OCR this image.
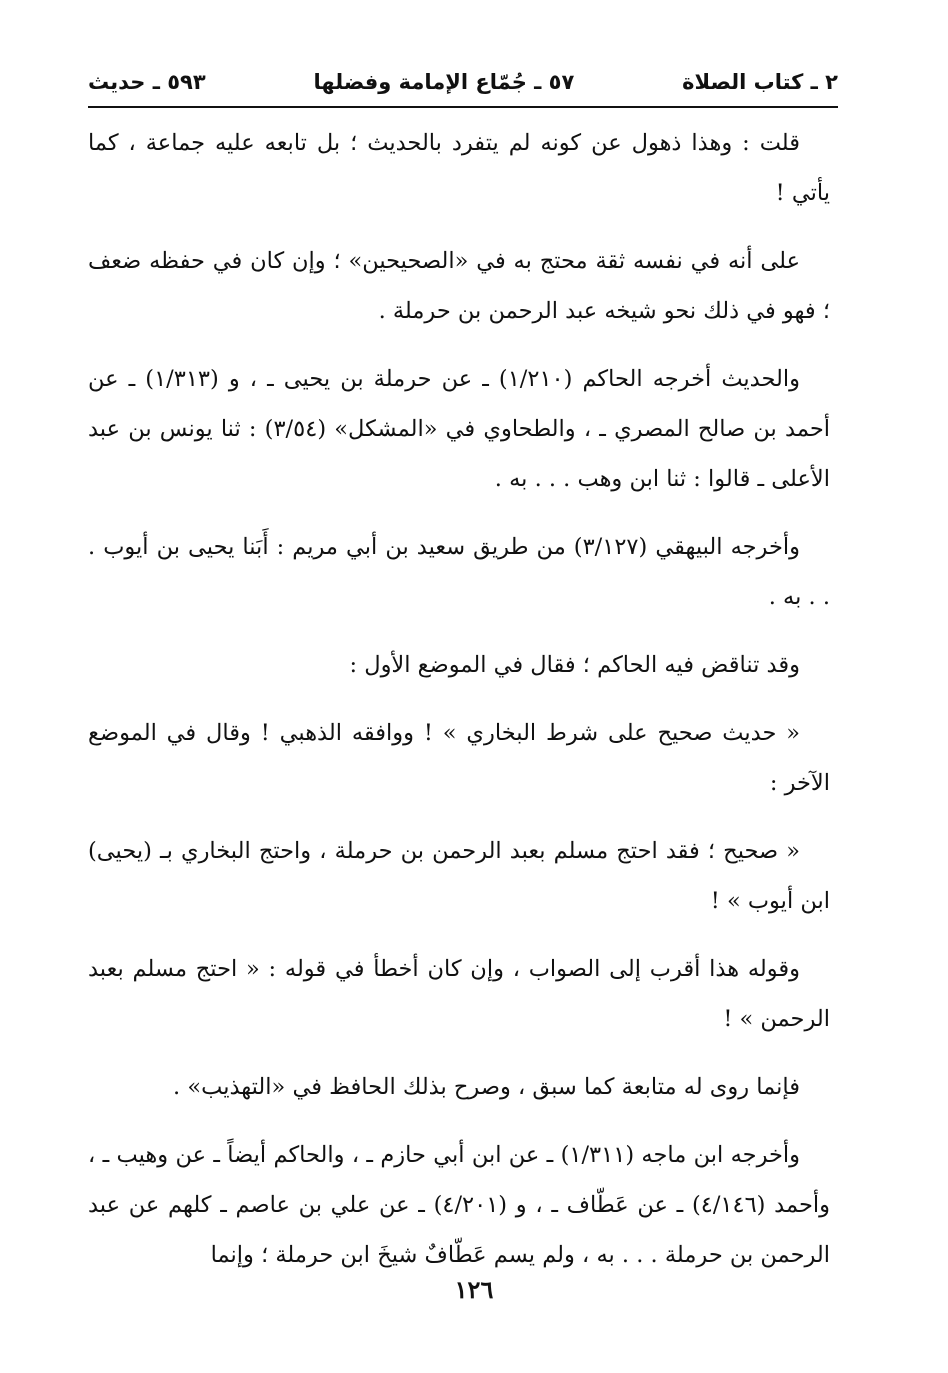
٢ ـ كتاب الصلاة
٥٧ ـ جُمّاع الإمامة وفضلها
٥٩٣ ـ حديث

قلت : وهذا ذهول عن كونه لم يتفرد بالحديث ؛ بل تابعه عليه جماعة ، كما يأتي !

على أنه في نفسه ثقة محتج به في «الصحيحين» ؛ وإن كان في حفظه ضعف ؛ فهو في ذلك نحو شيخه عبد الرحمن بن حرملة .

والحديث أخرجه الحاكم (١/٢١٠) ـ عن حرملة بن يحيى ـ ، و (١/٣١٣) ـ عن أحمد بن صالح المصري ـ ، والطحاوي في «المشكل» (٣/٥٤) : ثنا يونس بن عبد الأعلى ـ قالوا : ثنا ابن وهب . . . به .

وأخرجه البيهقي (٣/١٢٧) من طريق سعيد بن أبي مريم : أَبَنا يحيى بن أيوب . . . به .

وقد تناقض فيه الحاكم ؛ فقال في الموضع الأول :

« حديث صحيح على شرط البخاري » ! ووافقه الذهبي ! وقال في الموضع الآخر :

« صحيح ؛ فقد احتج مسلم بعبد الرحمن بن حرملة ، واحتج البخاري بـ (يحيى) ابن أيوب » !

وقوله هذا أقرب إلى الصواب ، وإن كان أخطأ في قوله : « احتج مسلم بعبد الرحمن » !

فإنما روى له متابعة كما سبق ، وصرح بذلك الحافظ في «التهذيب» .

وأخرجه ابن ماجه (١/٣١١) ـ عن ابن أبي حازم ـ ، والحاكم أيضاً ـ عن وهيب ـ ، وأحمد (٤/١٤٦) ـ عن عَطّاف ـ ، و (٤/٢٠١) ـ عن علي بن عاصم ـ كلهم عن عبد الرحمن بن حرملة . . . به ، ولم يسم عَطّافٌ شيخَ ابن حرملة ؛ وإنما

١٢٦
